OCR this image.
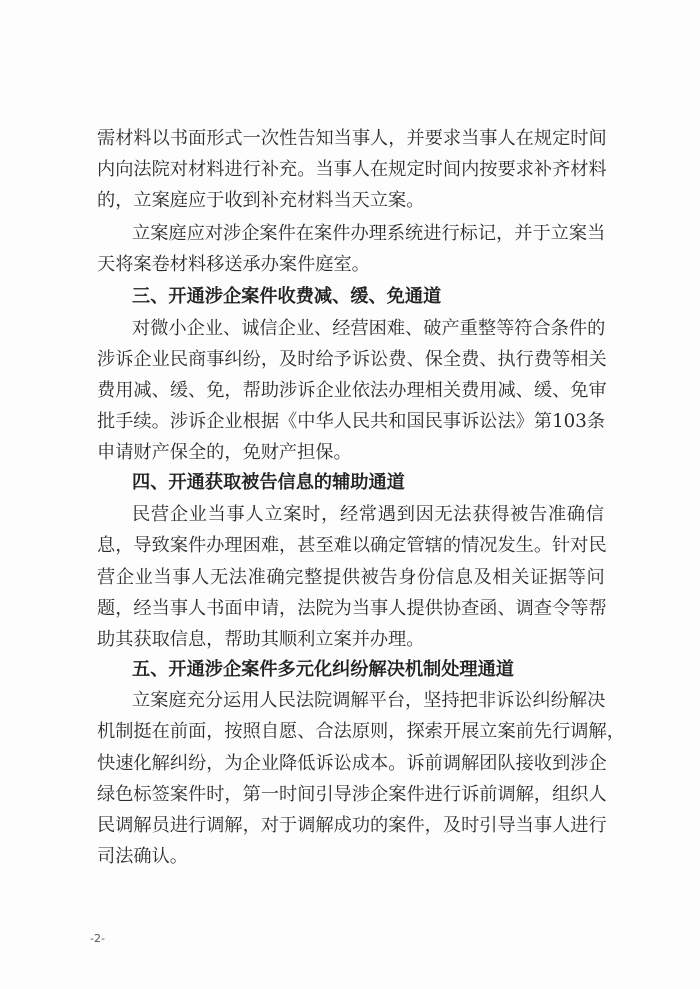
需 材 料 以 书 面 形 式 一 次 性 告 知 当 事 人 ， 并 要 求 当 事 人 在 规 定 时 间

内 向 法 院 对 材 料 进 行 补 充 。 当 事 人 在 规 定 时 间 内 按 要 求 补 齐 材 料

的，立案庭应于收到补充材料当天立案。

立 案 庭 应 对 涉 企 案 件 在 案 件 办 理 系 统 进 行 标 记 ， 并 于 立 案 当

天将案卷材料移送承办案件庭室。

三、开通涉企案件收费减、缓、免通道

对 微 小 企 业 、 诚 信 企 业 、 经 营 困 难 、 破 产 重 整 等 符 合 条 件 的

涉 诉 企 业 民 商 事 纠 纷 ， 及 时 给 予 诉 讼 费 、 保 全 费 、 执 行 费 等 相 关

费 用 减 、 缓 、 免 ， 帮 助 涉 诉 企 业 依 法 办 理 相 关 费 用 减 、 缓 、 免 审

批 手 续 。 涉 诉 企 业 根 据 《 中 华 人 民 共 和 国 民 事 诉 讼 法 》 第 1 0 3 条

申请财产保全的，免财产担保。

四、开通获取被告信息的辅助通道

民 营 企 业 当 事 人 立 案 时 ， 经 常 遇 到 因 无 法 获 得 被 告 准 确 信

息 ， 导 致 案 件 办 理 困 难 ， 甚 至 难 以 确 定 管 辖 的 情 况 发 生 。 针 对 民

营 企 业 当 事 人 无 法 准 确 完 整 提 供 被 告 身 份 信 息 及 相 关 证 据 等 问

题 ， 经 当 事 人 书 面 申 请 ， 法 院 为 当 事 人 提 供 协 查 函 、 调 查 令 等 帮

助其获取信息，帮助其顺利立案并办理。

五、开通涉企案件多元化纠纷解决机制处理通道

立 案 庭 充 分 运 用 人 民 法 院 调 解 平 台 ， 坚 持 把 非 诉 讼 纠 纷 解 决

机 制 挺 在 前 面 ， 按 照 自 愿 、 合 法 原 则 ， 探 索 开 展 立 案 前 先 行 调 解 ，

快 速 化 解 纠 纷 ， 为 企 业 降 低 诉 讼 成 本 。 诉 前 调 解 团 队 接 收 到 涉 企

绿 色 标 签 案 件 时 ， 第 一 时 间 引 导 涉 企 案 件 进 行 诉 前 调 解 ， 组 织 人

民 调 解 员 进 行 调 解 ， 对 于 调 解 成 功 的 案 件 ， 及 时 引 导 当 事 人 进 行

司法确认。

-2-
